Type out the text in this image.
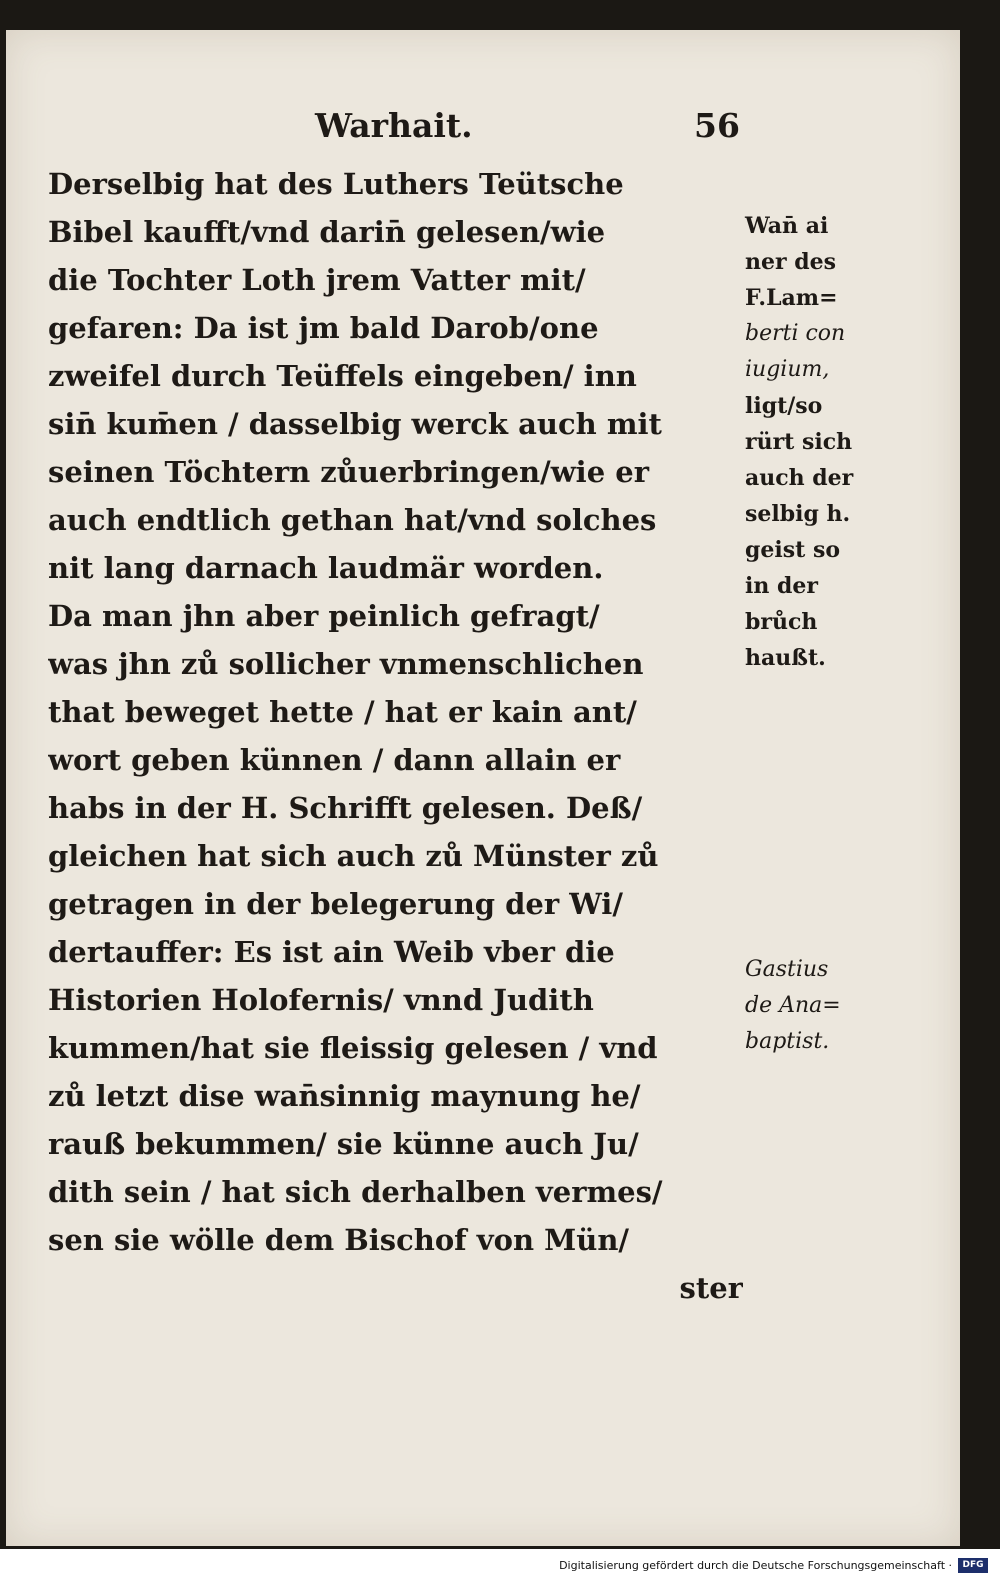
Warhait.	56
Derselbig hat des Luthers Teütsche
Bibel kaufft/vnd darin̄ gelesen/wie
die Tochter Loth jrem Vatter mit/
gefaren: Da ist jm bald Darob/one
zweifel durch Teüffels eingeben/ inn
sin̄ kum̄en / dasselbig werck auch mit
seinen Töchtern zůuerbringen/wie er
auch endtlich gethan hat/vnd solches
nit lang darnach laudmär worden.
Da man jhn aber peinlich gefragt/
was jhn zů sollicher vnmenschlichen
that beweget hette / hat er kain ant/
wort geben künnen / dann allain er
habs in der H. Schrifft gelesen. Deß/
gleichen hat sich auch zů Münster zů
getragen in der belegerung der Wi/
dertauffer: Es ist ain Weib vber die
Historien Holofernis/ vnnd Judith
kummen/hat sie fleissig gelesen / vnd
zů letzt dise wan̄sinnig maynung he/
rauß bekummen/ sie künne auch Ju/
dith sein / hat sich derhalben vermes/
sen sie wölle dem Bischof von Mün/
ster
Wan̄ ai
ner des
F.Lam=
berti con
iugium,
ligt/so
rürt sich
auch der
selbig h.
geist so
in der
brůch
haußt.
Gastius
de Ana=
baptist.
Digitalisierung gefördert durch die Deutsche Forschungsgemeinschaft ·	DFG
